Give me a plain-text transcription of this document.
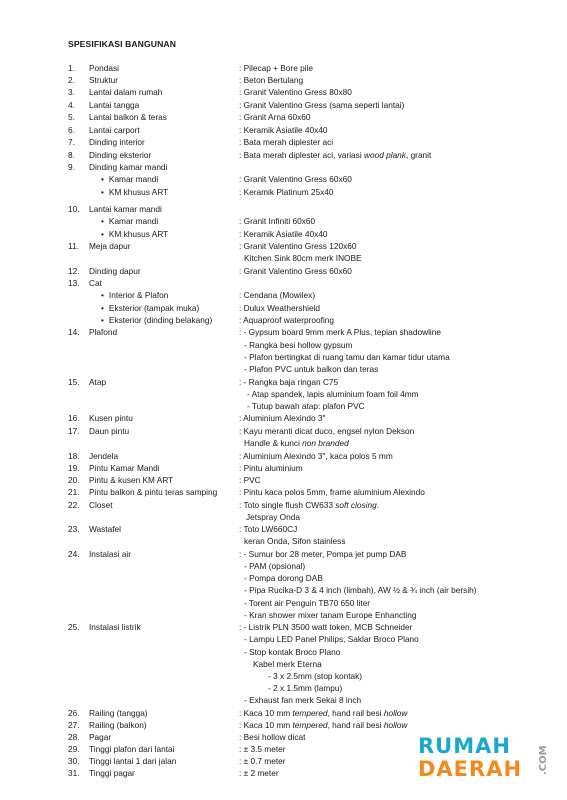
SPESIFIKASI BANGUNAN
1. Pondasi	: Pilecap + Bore pile
2. Struktur	: Beton Bertulang
3. Lantai dalam rumah	: Granit Valentino Gress 80x80
4. Lantai tangga	: Granit Valentino Gress (sama seperti lantai)
5. Lantai balkon & teras	: Granit Arna 60x60
6. Lantai carport	: Keramik Asiatile 40x40
7. Dinding interior	: Bata merah diplester aci
8. Dinding eksterior	: Bata merah diplester aci, variasi wood plank, granit
9. Dinding kamar mandi
• Kamar mandi	: Granit Valentino Gress 60x60
• KM khusus ART	: Keramik Platinum 25x40
10. Lantai kamar mandi
• Kamar mandi	: Granit Infiniti 60x60
• KM khusus ART	: Keramik Asiatile 40x40
11. Meja dapur	: Granit Valentino Gress 120x60
Kitchen Sink 80cm merk INOBE
12. Dinding dapur	: Granit Valentino Gress 60x60
13. Cat
• Interior & Plafon	: Cendana (Mowilex)
• Eksterior (tampak muka)	: Dulux Weathershield
• Eksterior (dinding belakang)	: Aquaproof waterproofing
14. Plafond	: - Gypsum board 9mm merk A Plus, tepian shadowline
- Rangka besi hollow gypsum
- Plafon bertingkat di ruang tamu dan kamar tidur utama
- Plafon PVC untuk balkon dan teras
15. Atap	: - Rangka baja ringan C75
- Atap spandek, lapis aluminium foam foil 4mm
- Tutup bawah atap: plafon PVC
16. Kusen pintu	: Aluminium Alexindo 3"
17. Daun pintu	: Kayu meranti dicat duco, engsel nylon Dekson
Handle & kunci non branded
18. Jendela	: Aluminium Alexindo 3", kaca polos 5 mm
19. Pintu Kamar Mandi	: Pintu aluminium
20. Pintu & kusen KM ART	: PVC
21. Pintu balkon & pintu teras samping	: Pintu kaca polos 5mm, frame aluminium Alexindo
22. Closet	: Toto single flush CW633 soft closing.
Jetspray Onda
23. Wastafel	: Toto LW660CJ
keran Onda, Sifon stainless
24. Instalasi air	: - Sumur bor 28 meter, Pompa jet pump DAB
- PAM (opsional)
- Pompa dorong DAB
- Pipa Rucika-D 3 & 4 inch (limbah), AW ½ & ¾ inch (air bersih)
- Torent air Penguin TB70 650 liter
- Kran shower mixer tanam Europe Enhancting
25. Instalasi listrik	: - Listrik PLN 3500 watt token, MCB Schneider
- Lampu LED Panel Philips, Saklar Broco Plano
- Stop kontak Broco Plano
Kabel merk Eterna
- 3 x 2.5mm (stop kontak)
- 2 x 1.5mm (lampu)
- Exhaust fan merk Sekai 8 inch
26. Railing (tangga)	: Kaca 10 mm tempered, hand rail besi hollow
27. Railing (balkon)	: Kaca 10 mm tempered, hand rail besi hollow
28. Pagar	: Besi hollow dicat
29. Tinggi plafon dari lantai	: ± 3.5 meter
30. Tinggi lantai 1 dari jalan	: ± 0.7 meter
31. Tinggi pagar	: ± 2 meter
RUMAH
DAERAH	.COM
